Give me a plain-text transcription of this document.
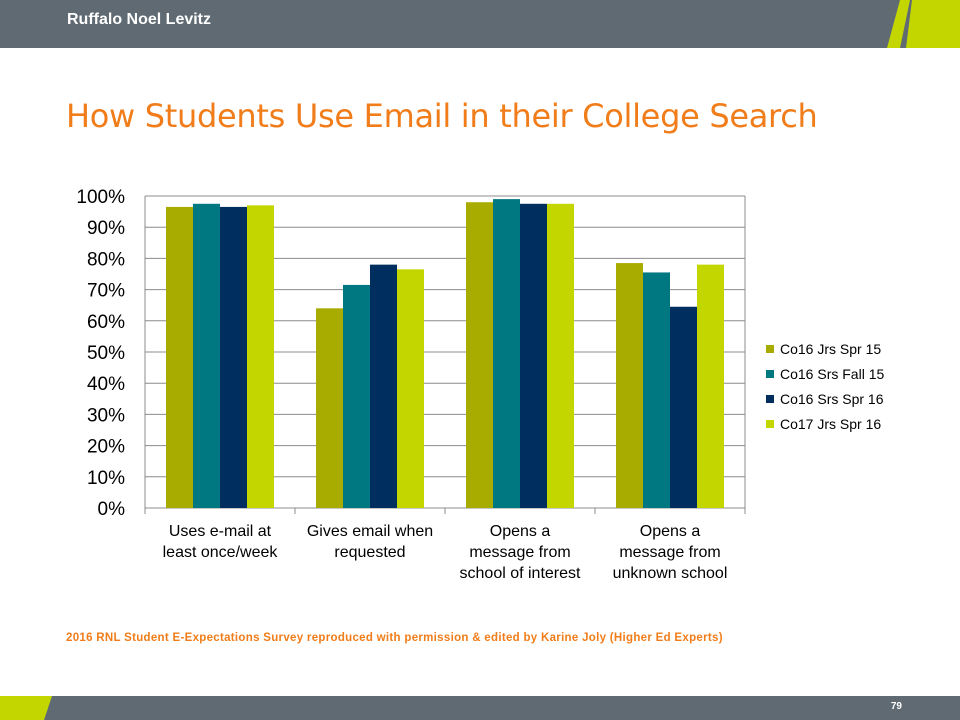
Ruffalo Noel Levitz
How Students Use Email in their College Search
0%
10%
20%
30%
40%
50%
60%
70%
80%
90%
100%
Uses e-mail at
least once/week
Gives email when
requested
Opens a
message from
school of interest
Opens a
message from
unknown school
Co16 Jrs Spr 15
Co16 Srs Fall 15
Co16 Srs Spr 16
Co17 Jrs Spr 16
2016 RNL Student E-Expectations Survey reproduced with permission & edited by Karine Joly (Higher Ed Experts)
79
